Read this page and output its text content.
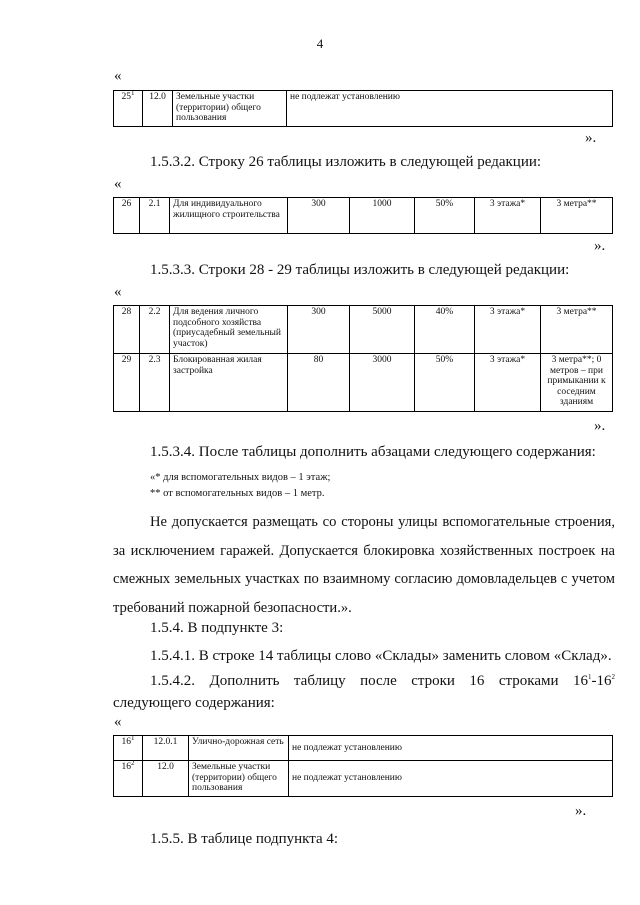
4
«
$25^1$	12.0	Земельные участки (территории) общего пользования	не подлежат установлению
».
1.5.3.2. Строку 26 таблицы изложить в следующей редакции:
«
26	2.1	Для индивидуального жилищного строительства	300	1000	50%	3 этажа*	3 метра**
».
1.5.3.3. Строки 28 - 29 таблицы изложить в следующей редакции:
«
28	2.2	Для ведения личного подсобного хозяйства (приусадебный земельный участок)	300	5000	40%	3 этажа*	3 метра**
29	2.3	Блокированная жилая застройка	80	3000	50%	3 этажа*	3 метра**; 0 метров – при примыкании к соседним зданиям
».
1.5.3.4. После таблицы дополнить абзацами следующего содержания:
«* для вспомогательных видов – 1 этаж;
** от вспомогательных видов – 1 метр.
Не допускается размещать со стороны улицы вспомогательные строения, за исключением гаражей. Допускается блокировка хозяйственных построек на смежных земельных участках по взаимному согласию домовладельцев с учетом требований пожарной безопасности.».
1.5.4. В подпункте 3:
1.5.4.1. В строке 14 таблицы слово «Склады» заменить словом «Склад».
1.5.4.2. Дополнить таблицу после строки 16 строками $16^1-16^2$
следующего содержания:
«
$16^1$	12.0.1	Улично-дорожная сеть	не подлежат установлению
$16^2$	12.0	Земельные участки (территории) общего пользования	не подлежат установлению
».
1.5.5. В таблице подпункта 4:
